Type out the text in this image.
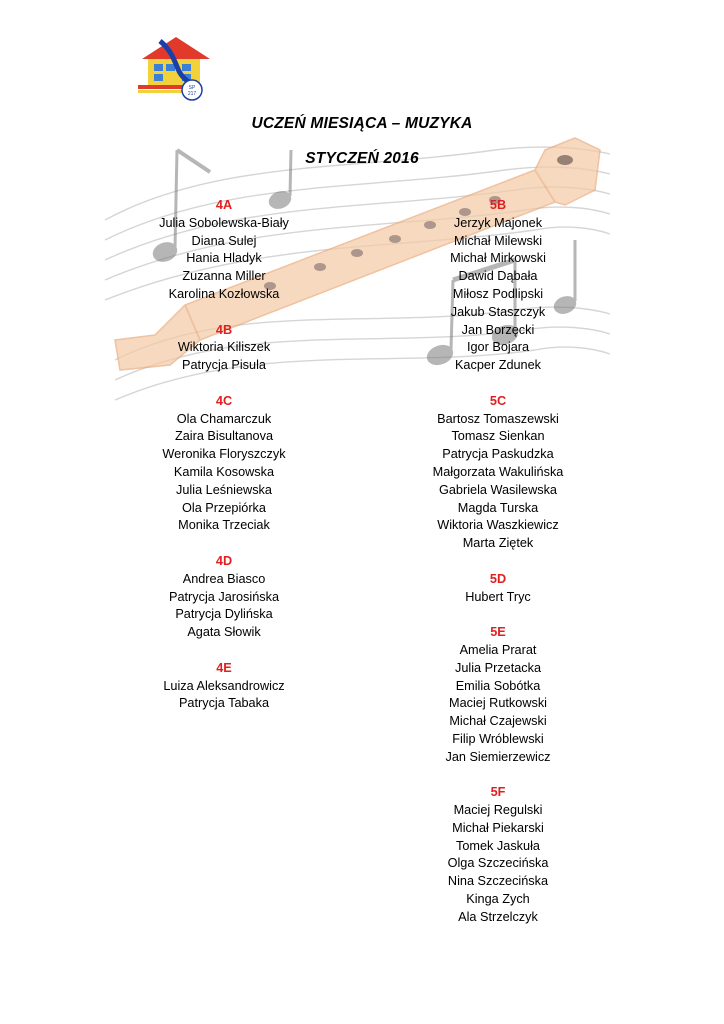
SP
217
UCZEŃ MIESIĄCA – MUZYKA
STYCZEŃ 2016
4A
Julia Sobolewska-Biały
Diana Sulej
Hania Hladyk
Zuzanna Miller
Karolina Kozłowska
4B
Wiktoria Kiliszek
Patrycja Pisula
4C
Ola Chamarczuk
Zaira Bisultanova
Weronika Floryszczyk
Kamila Kosowska
Julia Leśniewska
Ola Przepiórka
Monika Trzeciak
4D
Andrea Biasco
Patrycja Jarosińska
Patrycja Dylińska
Agata Słowik
4E
Luiza Aleksandrowicz
Patrycja Tabaka
5B
Jerzyk Majonek
Michał Milewski
Michał Mirkowski
Dawid Dąbała
Miłosz Podlipski
Jakub Staszczyk
Jan Borzęcki
Igor Bojara
Kacper Zdunek
5C
Bartosz Tomaszewski
Tomasz Sienkan
Patrycja Paskudzka
Małgorzata Wakulińska
Gabriela Wasilewska
Magda Turska
Wiktoria Waszkiewicz
Marta Ziętek
5D
Hubert Tryc
5E
Amelia Prarat
Julia Przetacka
Emilia Sobótka
Maciej Rutkowski
Michał Czajewski
Filip Wróblewski
Jan Siemierzewicz
5F
Maciej Regulski
Michał Piekarski
Tomek Jaskuła
Olga Szczecińska
Nina Szczecińska
Kinga Zych
Ala Strzelczyk
